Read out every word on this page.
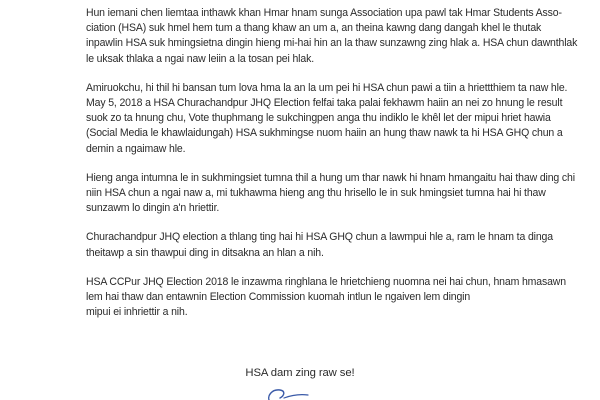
Hun iemani chen liemtaa inthawk khan Hmar hnam sunga Association upa pawl tak Hmar Students Asso-
ciation (HSA) suk hmel hem tum a thang khaw an um a, an theina kawng dang dangah khel le thutak
inpawlin HSA suk hmingsietna dingin hieng mi-hai hin an la thaw sunzawng zing hlak a. HSA chun dawnthlak
le uksak thlaka a ngai naw leiin a la tosan pei hlak.

Amiruokchu, hi thil hi bansan tum lova hma la an la um pei hi HSA chun pawi a tiin a hriettthiem ta naw hle.
May 5, 2018 a HSA Churachandpur JHQ Election felfai taka palai fekhawm haiin an nei zo hnung le result
suok zo ta hnung chu, Vote thuphmang le sukchingpen anga thu indiklo le khêl let der mipui hriet hawia
(Social Media le khawlaidungah) HSA sukhmingse nuom haiin an hung thaw nawk ta hi HSA GHQ chun a
demin a ngaimaw hle.

Hieng anga intumna le in sukhmingsiet tumna thil a hung um thar nawk hi hnam hmangaitu hai thaw ding chi
niin HSA chun a ngai naw a, mi tukhawma hieng ang thu hrisello le in suk hmingsiet tumna hai hi thaw
sunzawm lo dingin a'n hriettir.

Churachandpur JHQ election a thlang ting hai hi HSA GHQ chun a lawmpui hle a, ram le hnam ta dinga
theitawp a sin thawpui ding in ditsakna an hlan a nih.

HSA CCPur JHQ Election 2018 le inzawma ringhlana le hrietchieng nuomna nei hai chun, hnam hmasawn
lem hai thaw dan entawnin Election Commission kuomah intlun le ngaiven lem dingin
mipui ei inhriettir a nih.

HSA dam zing raw se!
